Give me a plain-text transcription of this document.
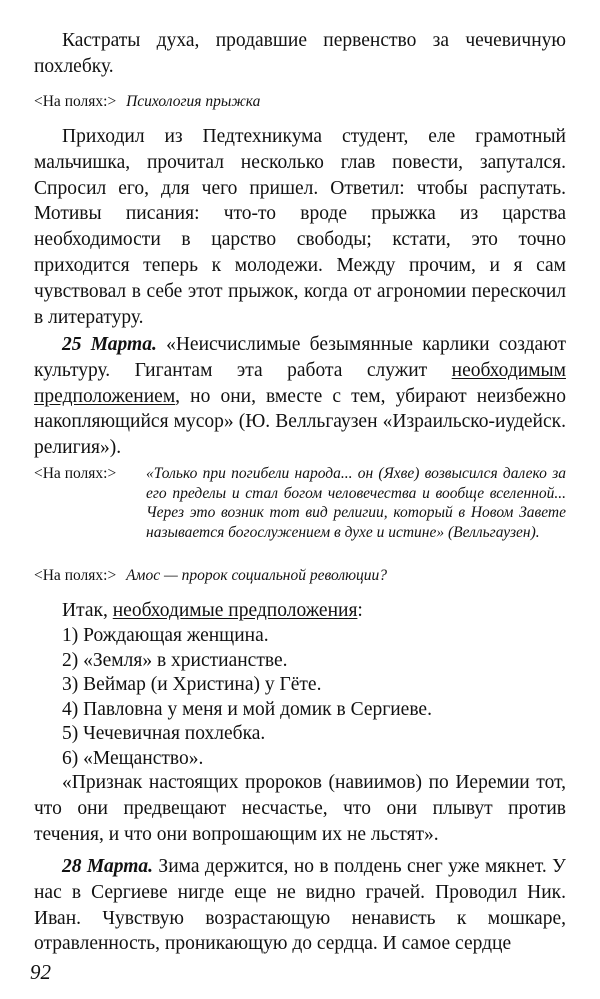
Кастраты духа, продавшие первенство за чечевичную похлебку.

<На полях:> Психология прыжка

Приходил из Педтехникума студент, еле грамотный мальчишка, прочитал несколько глав повести, запутался. Спросил его, для чего пришел. Ответил: чтобы распутать. Мотивы писания: что-то вроде прыжка из царства необходимости в царство свободы; кстати, это точно приходится теперь к молодежи. Между прочим, и я сам чувствовал в себе этот прыжок, когда от агрономии перескочил в литературу.

25 Марта. «Неисчислимые безымянные карлики создают культуру. Гигантам эта работа служит необходимым предположением, но они, вместе с тем, убирают неизбежно накопляющийся мусор» (Ю. Велльгаузен «Израильско-иудейск. религия»).

<На полях:> «Только при погибели народа... он (Яхве) возвысился далеко за его пределы и стал богом человечества и вообще вселенной... Через это возник тот вид религии, который в Новом Завете называется богослужением в духе и истине» (Велльгаузен).

<На полях:> Амос — пророк социальной революции?

Итак, необходимые предположения:

1) Рождающая женщина.
2) «Земля» в христианстве.
3) Веймар (и Христина) у Гёте.
4) Павловна у меня и мой домик в Сергиеве.
5) Чечевичная похлебка.
6) «Мещанство».

«Признак настоящих пророков (навиимов) по Иеремии тот, что они предвещают несчастье, что они плывут против течения, и что они вопрошающим их не льстят».

28 Марта. Зима держится, но в полдень снег уже мякнет. У нас в Сергиеве нигде еще не видно грачей. Проводил Ник. Иван. Чувствую возрастающую ненависть к мошкаре, отравленность, проникающую до сердца. И самое сердце

92
